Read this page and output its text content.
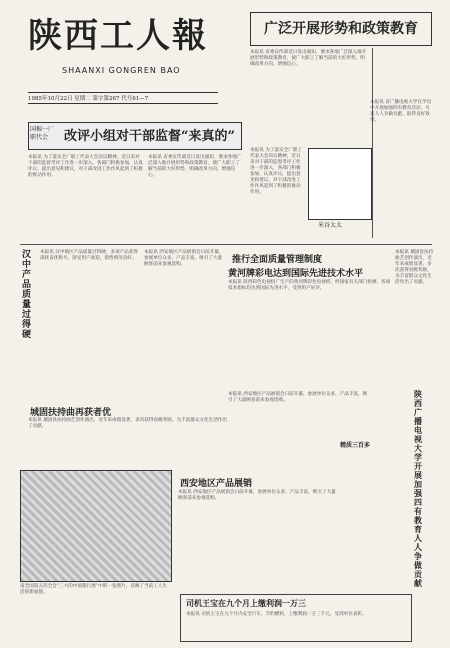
陕西工人報
SHAANXI GONGREN BAO
1985年10月22日 星期二 第字第267 代号61—7
广泛开展形势和政策教育
本报讯 省委宣传部近日发出通知，要求各地广泛深入地开展形势和政策教育，使广大职工了解当前的大好形势，明确改革方向，增强信心。
本报讯 省广播电视大学在学员中开展加强四有教育活动，号召人人争做贡献，取得良好效果。
国棉一厂 职代会	改评小组对干部监督“来真的”
本报讯 为了落实全厂职工代表大会决议精神，近日来对干部的监督考评工作进一步深入，各部门积极参加，认真评议，提出意见和建议，对干部改进工作作风起到了积极的推动作用。
本报讯 省委宣传部近日发出通知，要求各地广泛深入地开展形势和政策教育，使广大职工了解当前的大好形势，明确改革方向，增强信心。
本报讯 为了落实全厂职工代表大会决议精神，近日来对干部的监督考评工作进一步深入，各部门积极参加，认真评议，提出意见和建议，对干部改进工作作风起到了积极的推动作用。
米谷太太
汉中产品质量过得硬
本报讯 汉中地区产品质量过得硬，多项产品获得部优省优称号，深受用户欢迎，销售情况良好。
本报讯 西安地区产品展销会日前开幕，参展单位众多，产品丰富，吸引了大量顾客前来参观选购。	推行全面质量管理制度
黄河牌彩电达到国际先进技术水平
本报讯 陕西彩色电视机厂生产的黄河牌彩色电视机，经国家有关部门检测，各项技术指标均达到国际先进水平，受到用户好评。
本报讯 城固县扶持曲艺创作演出，近年来成绩显著，多次获得省级奖励，为丰富群众文化生活作出了贡献。
城固扶持曲再获者优
本报讯 城固县扶持曲艺创作演出，近年来成绩显著，多次获得省级奖励，为丰富群众文化生活作出了贡献。
本报讯 西安地区产品展销会日前开幕，参展单位众多，产品丰富，吸引了大量顾客前来参观选购。
精质三百多
陕西广播电视大学开展加强四有教育人人争做贡献
南全国第五次全会“三大的中国旅行展”中的一张照片，反映了当前工人生活的新面貌。
西安地区产品展销
本报讯 西安地区产品展销会日前开幕，参展单位众多，产品丰富，吸引了大量顾客前来参观选购。
司机王宝在九个月上缴利润一万三
本报讯 司机王宝在九个月内安全行车，节约燃料，上缴利润一万三千元，受到单位表彰。
